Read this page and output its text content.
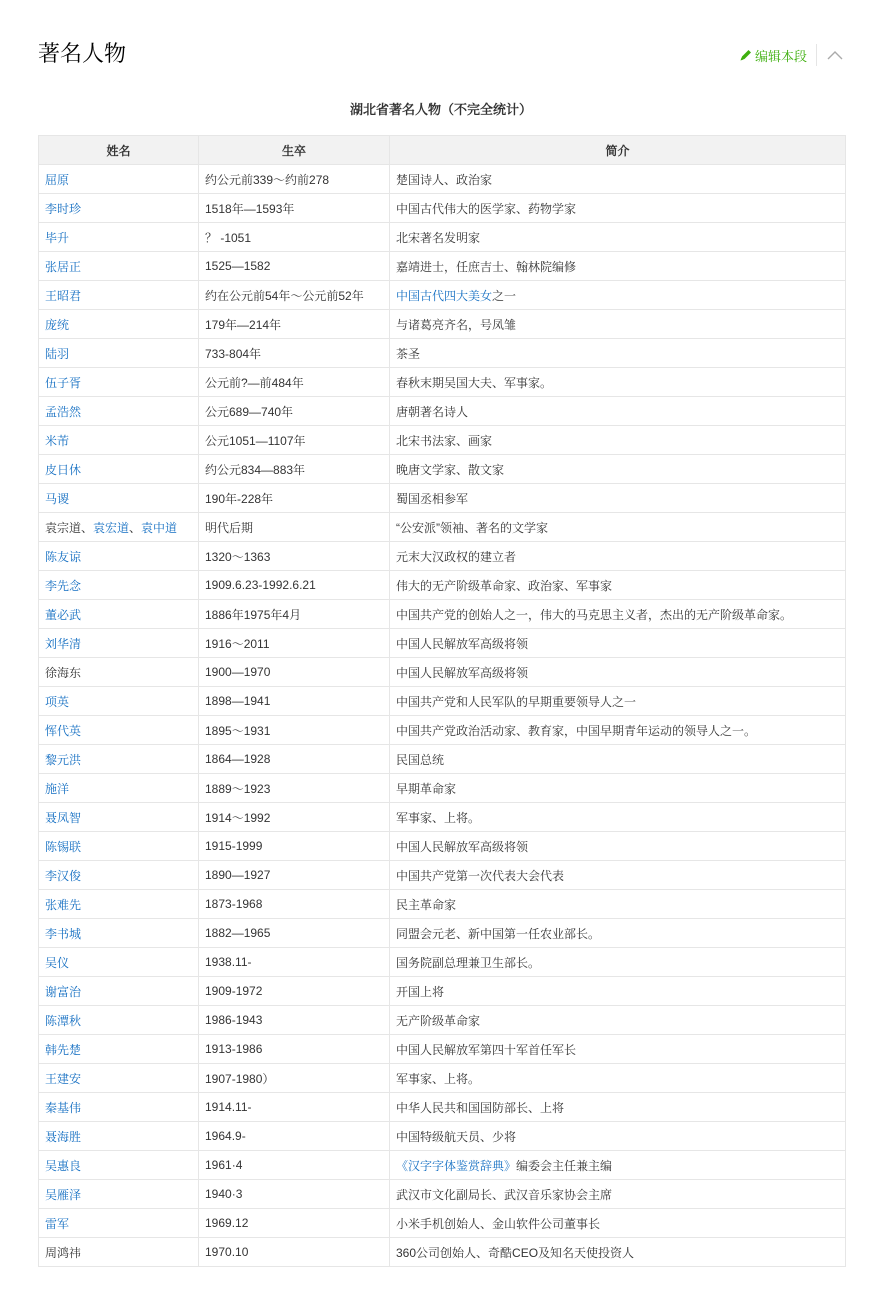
著名人物	编辑本段
湖北省著名人物（不完全统计）
姓名	生卒	简介
屈原	约公元前339～约前278	楚国诗人、政治家
李时珍	1518年—1593年	中国古代伟大的医学家、药物学家
毕升	？ -1051	北宋著名发明家
张居正	1525—1582	嘉靖进士，任庶吉士、翰林院编修
王昭君	约在公元前54年～公元前52年	中国古代四大美女之一
庞统	179年—214年	与诸葛亮齐名，号凤雏
陆羽	733-804年	茶圣
伍子胥	公元前?—前484年	春秋末期吴国大夫、军事家。
孟浩然	公元689—740年	唐朝著名诗人
米芾	公元1051—1107年	北宋书法家、画家
皮日休	约公元834—883年	晚唐文学家、散文家
马谡	190年-228年	蜀国丞相参军
袁宗道、袁宏道、袁中道	明代后期	“公安派”领袖、著名的文学家
陈友谅	1320～1363	元末大汉政权的建立者
李先念	1909.6.23-1992.6.21	伟大的无产阶级革命家、政治家、军事家
董必武	1886年1975年4月	中国共产党的创始人之一，伟大的马克思主义者，杰出的无产阶级革命家。
刘华清	1916～2011	中国人民解放军高级将领
徐海东	1900—1970	中国人民解放军高级将领
项英	1898—1941	中国共产党和人民军队的早期重要领导人之一
恽代英	1895～1931	中国共产党政治活动家、教育家，中国早期青年运动的领导人之一。
黎元洪	1864—1928	民国总统
施洋	1889～1923	早期革命家
聂凤智	1914～1992	军事家、上将。
陈锡联	1915-1999	中国人民解放军高级将领
李汉俊	1890—1927	中国共产党第一次代表大会代表
张难先	1873-1968	民主革命家
李书城	1882—1965	同盟会元老、新中国第一任农业部长。
吴仪	1938.11-	国务院副总理兼卫生部长。
谢富治	1909-1972	开国上将
陈潭秋	1986-1943	无产阶级革命家
韩先楚	1913-1986	中国人民解放军第四十军首任军长
王建安	1907-1980）	军事家、上将。
秦基伟	1914.11-	中华人民共和国国防部长、上将
聂海胜	1964.9-	中国特级航天员、少将
吴惠良	1961·4	《汉字字体鉴赏辞典》编委会主任兼主编
吴雁泽	1940·3	武汉市文化副局长、武汉音乐家协会主席
雷军	1969.12	小米手机创始人、金山软件公司董事长
周鸿祎	1970.10	360公司创始人、奇酷CEO及知名天使投资人
